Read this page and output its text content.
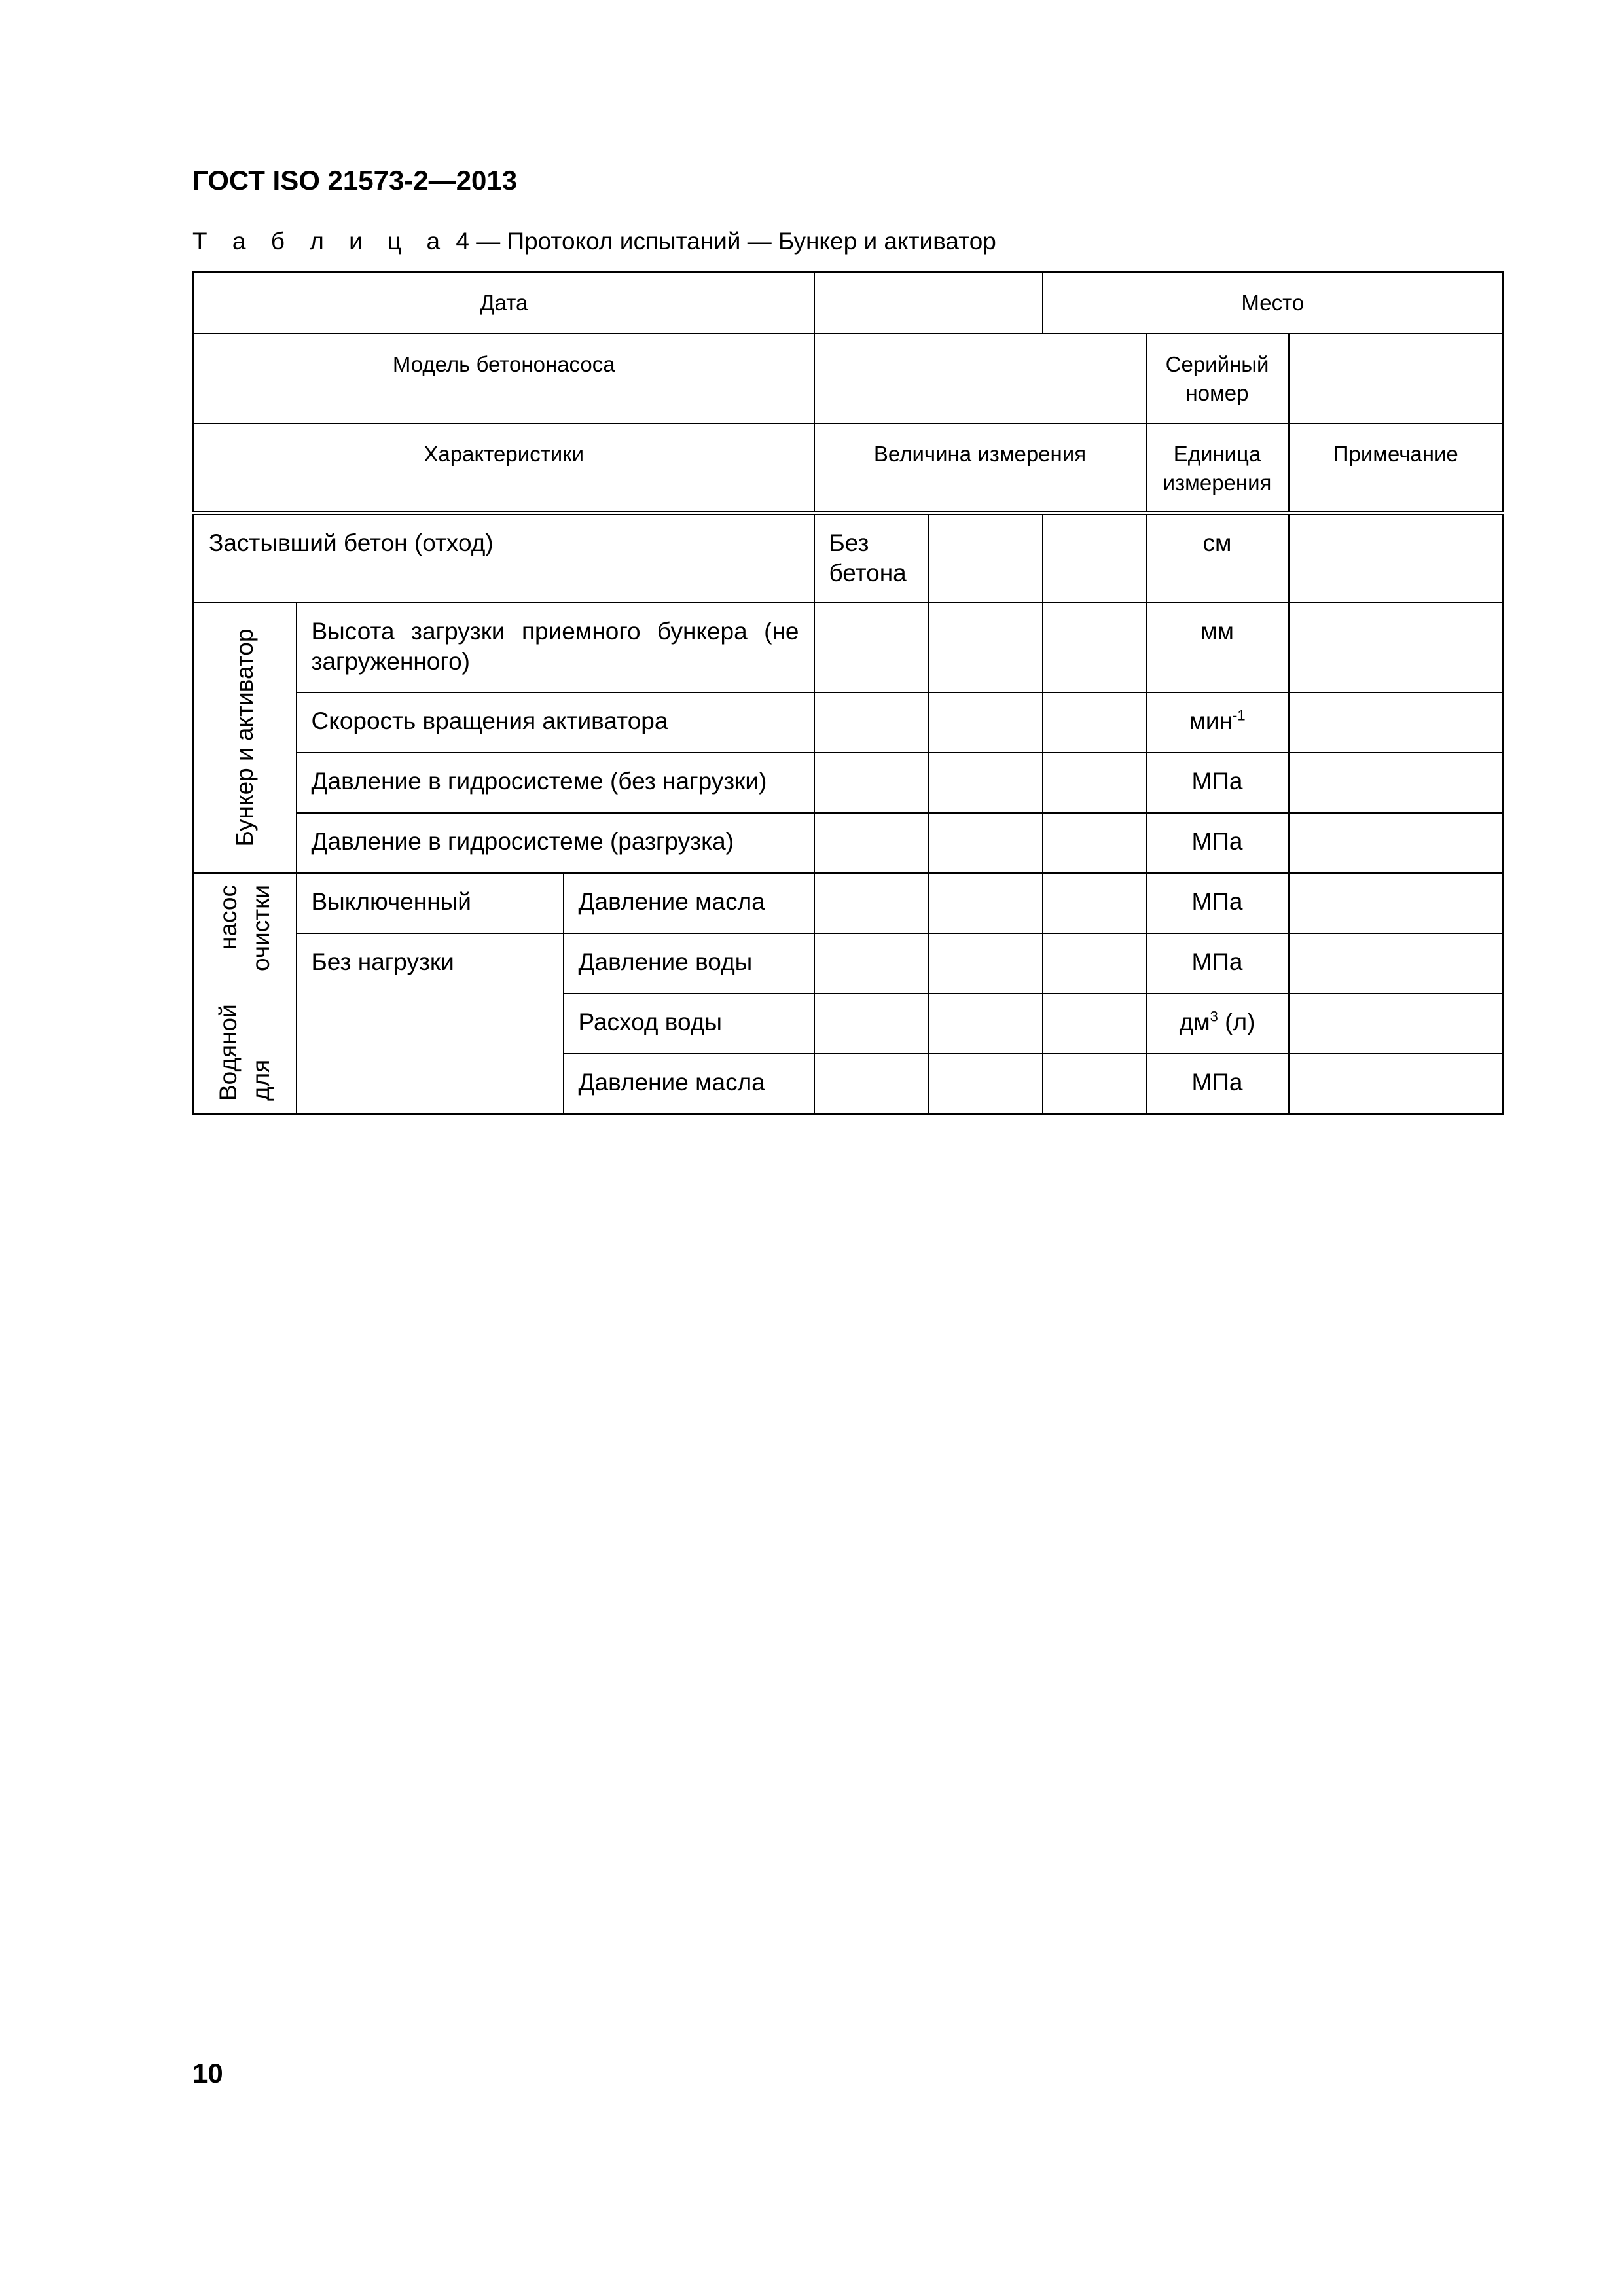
ГОСТ ISO 21573-2—2013
Т а б л и ц а 4 — Протокол испытаний — Бункер и активатор
Дата					Место		
Модель бетононасоса						Серийный номер	
Характеристики			Величина измерения			Единица измерения	Примечание
Застывший бетон (отход)			Без бетона			см	

Бункер и активатор	Высота загрузки приемного бункера (не загруженного)					мм	
	Скорость вращения активатора					мин$^{-1}$	
	Давление в гидросистеме (без нагрузки)					МПа	
	Давление в гидросистеме (разгрузка)					МПа	

Водяной
насос для очистки	Выключенный	Давление масла				МПа	
	Без нагрузки	Давление воды				МПа	
		Расход воды				$дм^3$ (л)	
		Давление масла				МПа	
10
